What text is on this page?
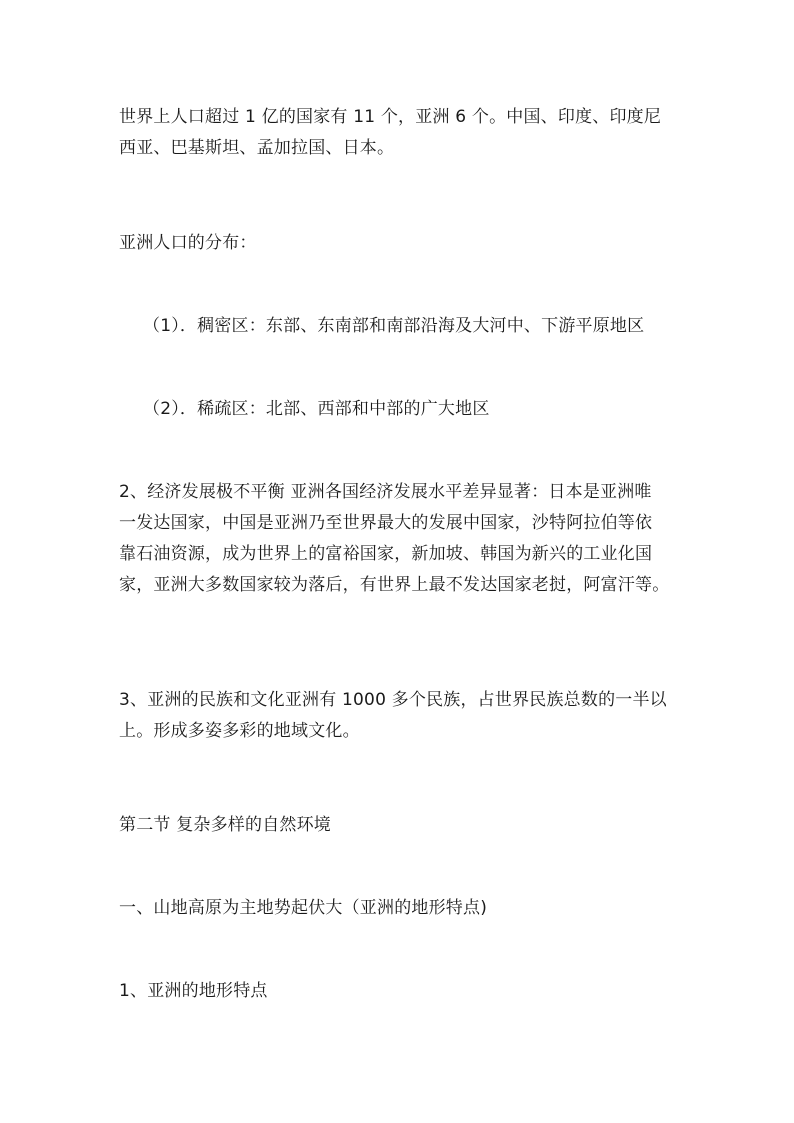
世界上人口超过 1 亿的国家有 11 个，亚洲 6 个。中国、印度、印度尼
西亚、巴基斯坦、孟加拉国、日本。
亚洲人口的分布：
（1）．稠密区：东部、东南部和南部沿海及大河中、下游平原地区
（2）．稀疏区：北部、西部和中部的广大地区
2、经济发展极不平衡 亚洲各国经济发展水平差异显著：日本是亚洲唯
一发达国家，中国是亚洲乃至世界最大的发展中国家，沙特阿拉伯等依
靠石油资源，成为世界上的富裕国家，新加坡、韩国为新兴的工业化国
家，亚洲大多数国家较为落后，有世界上最不发达国家老挝，阿富汗等。
3、亚洲的民族和文化亚洲有 1000 多个民族，占世界民族总数的一半以
上。形成多姿多彩的地域文化。
第二节 复杂多样的自然环境
一、山地高原为主地势起伏大（亚洲的地形特点)
1、亚洲的地形特点
